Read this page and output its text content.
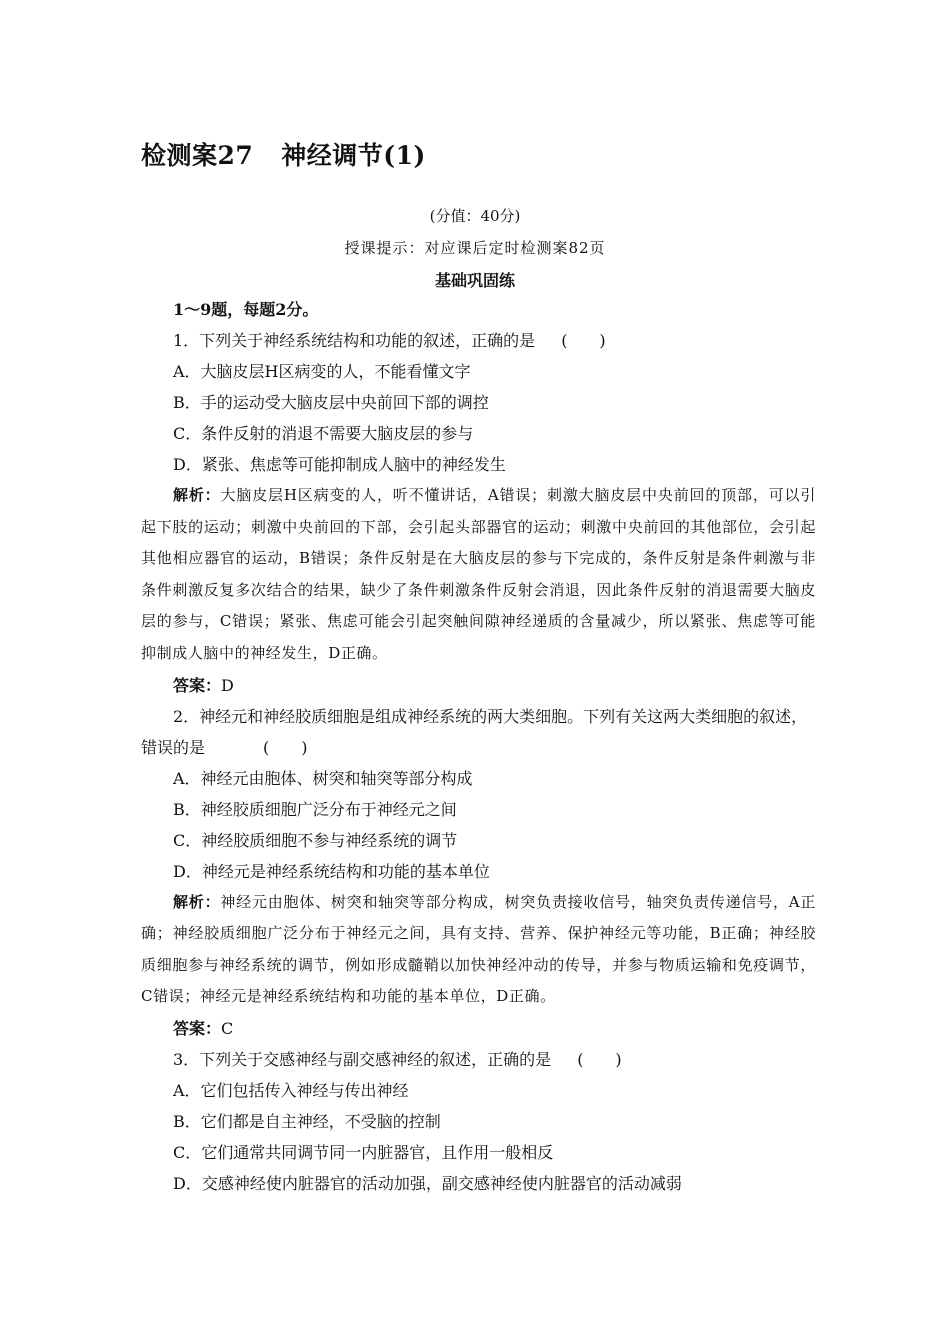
检测案27 神经调节(1)
(分值：40分)
授课提示：对应课后定时检测案82页
基础巩固练

1～9题，每题2分。

1．下列关于神经系统结构和功能的叙述，正确的是 (　　)

A．大脑皮层H区病变的人，不能看懂文字

B．手的运动受大脑皮层中央前回下部的调控

C．条件反射的消退不需要大脑皮层的参与

D．紧张、焦虑等可能抑制成人脑中的神经发生

解析：大脑皮层H区病变的人，听不懂讲话，A错误；刺激大脑皮层中央前回的顶部，可以引起下肢的运动；刺激中央前回的下部，会引起头部器官的运动；刺激中央前回的其他部位，会引起其他相应器官的运动，B错误；条件反射是在大脑皮层的参与下完成的，条件反射是条件刺激与非条件刺激反复多次结合的结果，缺少了条件刺激条件反射会消退，因此条件反射的消退需要大脑皮层的参与，C错误；紧张、焦虑可能会引起突触间隙神经递质的含量减少，所以紧张、焦虑等可能抑制成人脑中的神经发生，D正确。

答案：D

2．神经元和神经胶质细胞是组成神经系统的两大类细胞。下列有关这两大类细胞的叙述，错误的是	(　　)

A．神经元由胞体、树突和轴突等部分构成

B．神经胶质细胞广泛分布于神经元之间

C．神经胶质细胞不参与神经系统的调节

D．神经元是神经系统结构和功能的基本单位

解析：神经元由胞体、树突和轴突等部分构成，树突负责接收信号，轴突负责传递信号，A正确；神经胶质细胞广泛分布于神经元之间，具有支持、营养、保护神经元等功能，B正确；神经胶质细胞参与神经系统的调节，例如形成髓鞘以加快神经冲动的传导，并参与物质运输和免疫调节，C错误；神经元是神经系统结构和功能的基本单位，D正确。

答案：C

3．下列关于交感神经与副交感神经的叙述，正确的是 (　　)

A．它们包括传入神经与传出神经

B．它们都是自主神经，不受脑的控制

C．它们通常共同调节同一内脏器官，且作用一般相反

D．交感神经使内脏器官的活动加强，副交感神经使内脏器官的活动减弱
